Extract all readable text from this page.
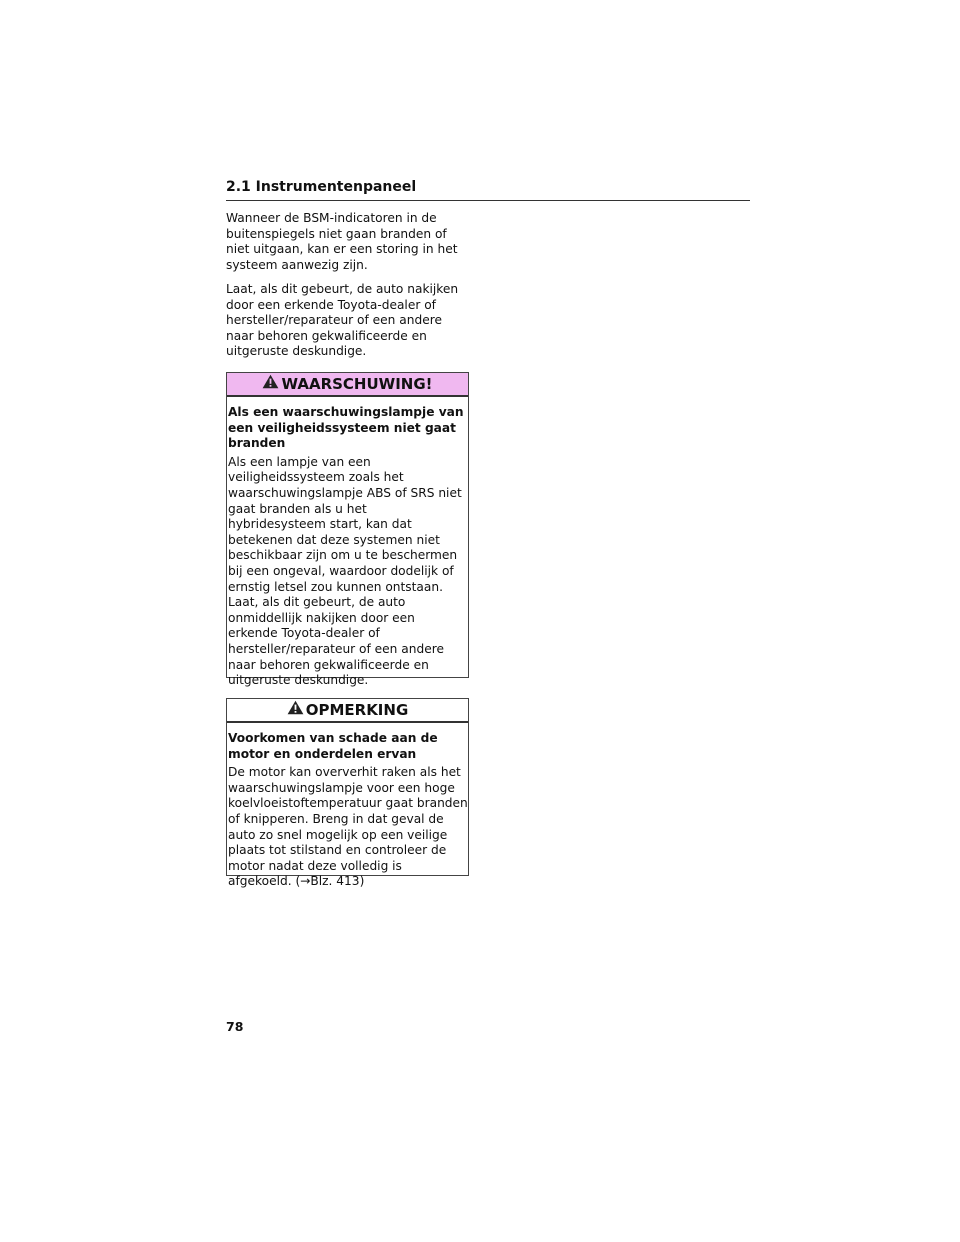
2.1 Instrumentenpaneel

Wanneer de BSM-indicatoren in de buitenspiegels niet gaan branden of niet uitgaan, kan er een storing in het systeem aanwezig zijn.

Laat, als dit gebeurt, de auto nakijken door een erkende Toyota-dealer of hersteller/reparateur of een andere naar behoren gekwalificeerde en uitgeruste deskundige.

WAARSCHUWING!

Als een waarschuwingslampje van een veiligheidssysteem niet gaat branden

Als een lampje van een veiligheidssysteem zoals het waarschuwingslampje ABS of SRS niet gaat branden als u het hybridesysteem start, kan dat betekenen dat deze systemen niet beschikbaar zijn om u te beschermen bij een ongeval, waardoor dodelijk of ernstig letsel zou kunnen ontstaan. Laat, als dit gebeurt, de auto onmiddellijk nakijken door een erkende Toyota-dealer of hersteller/reparateur of een andere naar behoren gekwalificeerde en uitgeruste deskundige.

OPMERKING

Voorkomen van schade aan de motor en onderdelen ervan

De motor kan oververhit raken als het waarschuwingslampje voor een hoge koelvloeistoftemperatuur gaat branden of knipperen. Breng in dat geval de auto zo snel mogelijk op een veilige plaats tot stilstand en controleer de motor nadat deze volledig is afgekoeld. (→Blz. 413)

78
